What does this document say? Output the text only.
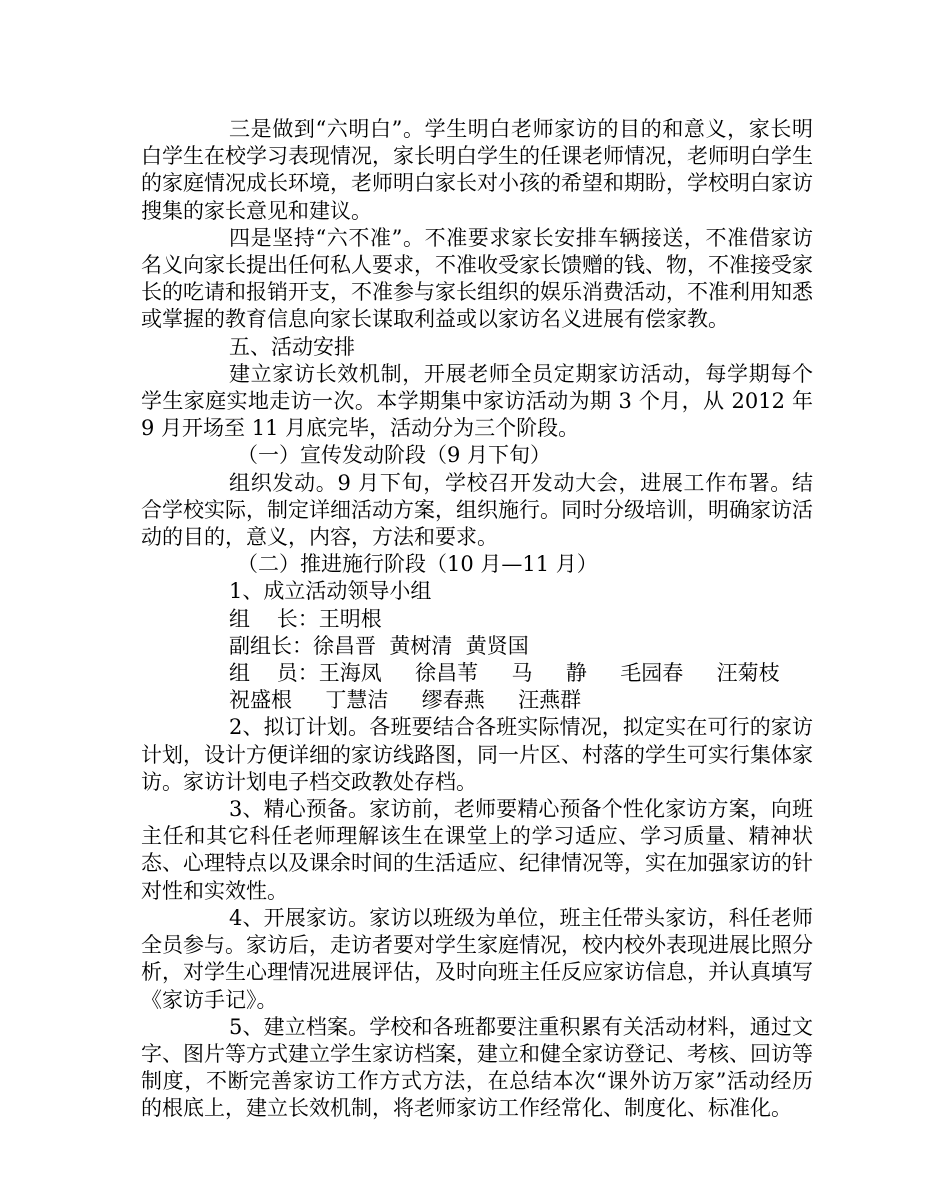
三是做到“六明白”。学生明白老师家访的目的和意义，家长明白学生在校学习表现情况，家长明白学生的任课老师情况，老师明白学生的家庭情况成长环境，老师明白家长对小孩的希望和期盼，学校明白家访搜集的家长意见和建议。

四是坚持“六不准”。不准要求家长安排车辆接送，不准借家访名义向家长提出任何私人要求，不准收受家长馈赠的钱、物，不准接受家长的吃请和报销开支，不准参与家长组织的娱乐消费活动，不准利用知悉或掌握的教育信息向家长谋取利益或以家访名义进展有偿家教。

五、活动安排

建立家访长效机制，开展老师全员定期家访活动，每学期每个学生家庭实地走访一次。本学期集中家访活动为期 3 个月，从 2012 年 9 月开场至 11 月底完毕，活动分为三个阶段。

（一）宣传发动阶段（9 月下旬）

组织发动。9 月下旬，学校召开发动大会，进展工作布署。结合学校实际，制定详细活动方案，组织施行。同时分级培训，明确家访活动的目的，意义，内容，方法和要求。

（二）推进施行阶段（10 月—11 月）

1、成立活动领导小组

组    长：王明根

副组长：徐昌晋  黄树清  黄贤国

组    员：王海凤     徐昌苇     马     静     毛园春     汪菊枝

祝盛根     丁慧洁     缪春燕     汪燕群

2、拟订计划。各班要结合各班实际情况，拟定实在可行的家访计划，设计方便详细的家访线路图，同一片区、村落的学生可实行集体家访。家访计划电子档交政教处存档。

3、精心预备。家访前，老师要精心预备个性化家访方案，向班主任和其它科任老师理解该生在课堂上的学习适应、学习质量、精神状态、心理特点以及课余时间的生活适应、纪律情况等，实在加强家访的针对性和实效性。

4、开展家访。家访以班级为单位，班主任带头家访，科任老师全员参与。家访后，走访者要对学生家庭情况，校内校外表现进展比照分析，对学生心理情况进展评估，及时向班主任反应家访信息，并认真填写《家访手记》。

5、建立档案。学校和各班都要注重积累有关活动材料，通过文字、图片等方式建立学生家访档案，建立和健全家访登记、考核、回访等制度，不断完善家访工作方式方法，在总结本次“课外访万家”活动经历的根底上，建立长效机制，将老师家访工作经常化、制度化、标准化。
